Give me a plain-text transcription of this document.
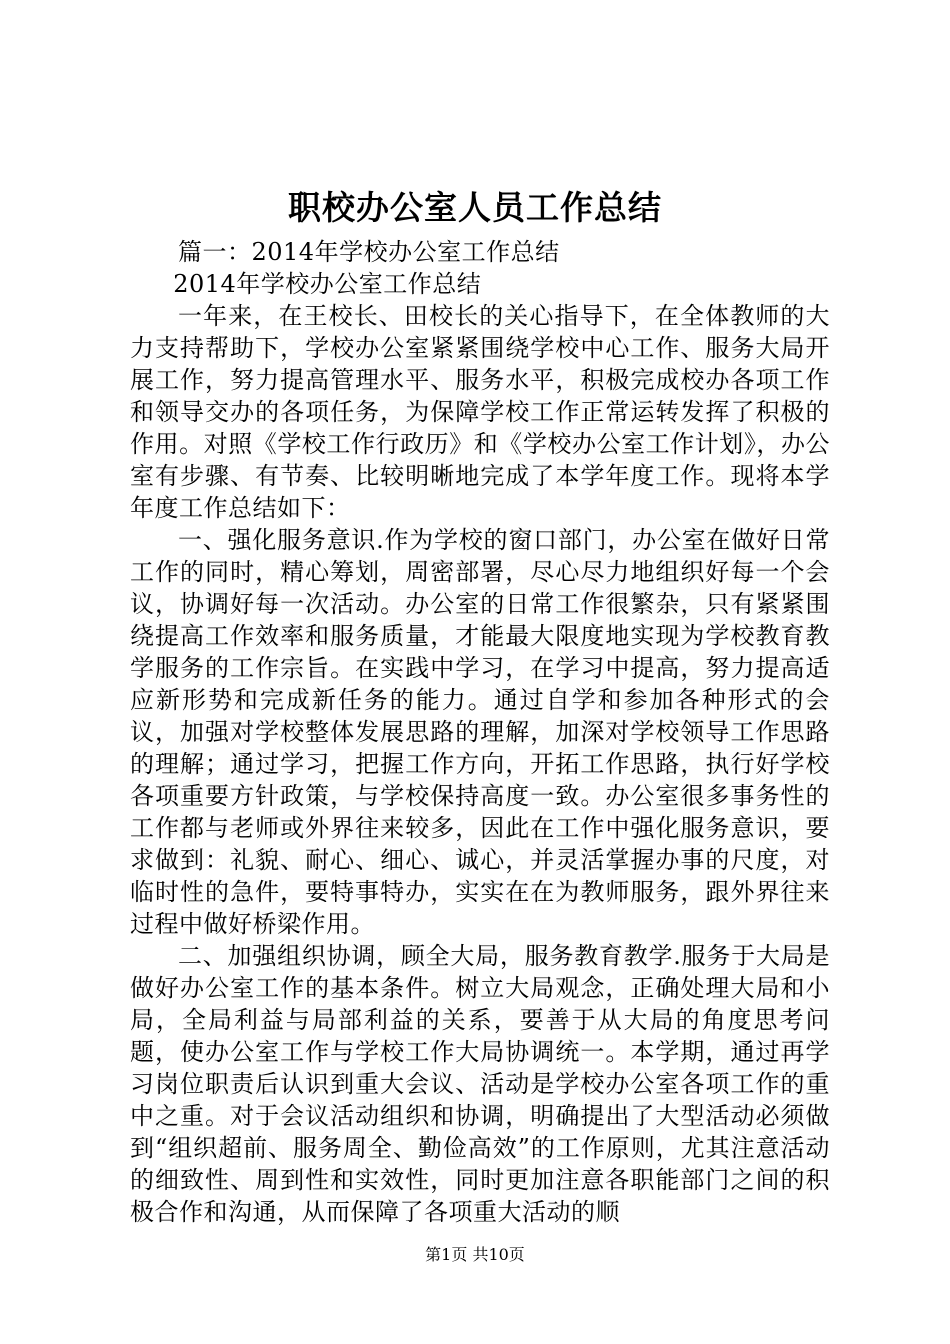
职校办公室人员工作总结

篇一：2014年学校办公室工作总结

2014年学校办公室工作总结

一年来，在王校长、田校长的关心指导下，在全体教师的大力支持帮助下，学校办公室紧紧围绕学校中心工作、服务大局开展工作，努力提高管理水平、服务水平，积极完成校办各项工作和领导交办的各项任务，为保障学校工作正常运转发挥了积极的作用。对照《学校工作行政历》和《学校办公室工作计划》，办公室有步骤、有节奏、比较明晰地完成了本学年度工作。现将本学年度工作总结如下：

一、强化服务意识.作为学校的窗口部门，办公室在做好日常工作的同时，精心筹划，周密部署，尽心尽力地组织好每一个会议，协调好每一次活动。办公室的日常工作很繁杂，只有紧紧围绕提高工作效率和服务质量，才能最大限度地实现为学校教育教学服务的工作宗旨。在实践中学习，在学习中提高，努力提高适应新形势和完成新任务的能力。通过自学和参加各种形式的会议，加强对学校整体发展思路的理解，加深对学校领导工作思路的理解；通过学习，把握工作方向，开拓工作思路，执行好学校各项重要方针政策，与学校保持高度一致。办公室很多事务性的工作都与老师或外界往来较多，因此在工作中强化服务意识，要求做到：礼貌、耐心、细心、诚心，并灵活掌握办事的尺度，对临时性的急件，要特事特办，实实在在为教师服务，跟外界往来过程中做好桥梁作用。

二、加强组织协调，顾全大局，服务教育教学.服务于大局是做好办公室工作的基本条件。树立大局观念，正确处理大局和小局，全局利益与局部利益的关系，要善于从大局的角度思考问题，使办公室工作与学校工作大局协调统一。本学期，通过再学习岗位职责后认识到重大会议、活动是学校办公室各项工作的重中之重。对于会议活动组织和协调，明确提出了大型活动必须做到“组织超前、服务周全、勤俭高效”的工作原则，尤其注意活动的细致性、周到性和实效性，同时更加注意各职能部门之间的积极合作和沟通，从而保障了各项重大活动的顺

第1页 共10页
